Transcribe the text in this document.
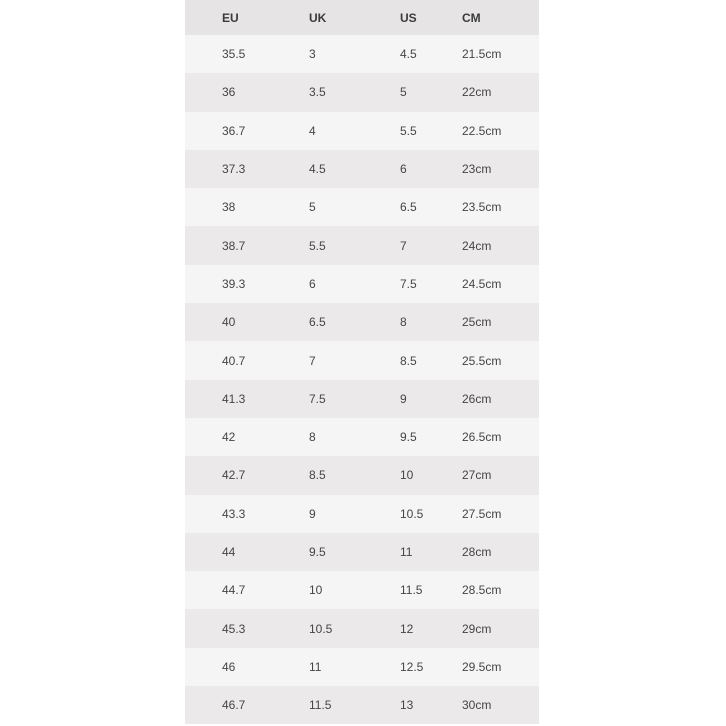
EU	UK	US	CM
35.5	3	4.5	21.5cm
36	3.5	5	22cm
36.7	4	5.5	22.5cm
37.3	4.5	6	23cm
38	5	6.5	23.5cm
38.7	5.5	7	24cm
39.3	6	7.5	24.5cm
40	6.5	8	25cm
40.7	7	8.5	25.5cm
41.3	7.5	9	26cm
42	8	9.5	26.5cm
42.7	8.5	10	27cm
43.3	9	10.5	27.5cm
44	9.5	11	28cm
44.7	10	11.5	28.5cm
45.3	10.5	12	29cm
46	11	12.5	29.5cm
46.7	11.5	13	30cm
